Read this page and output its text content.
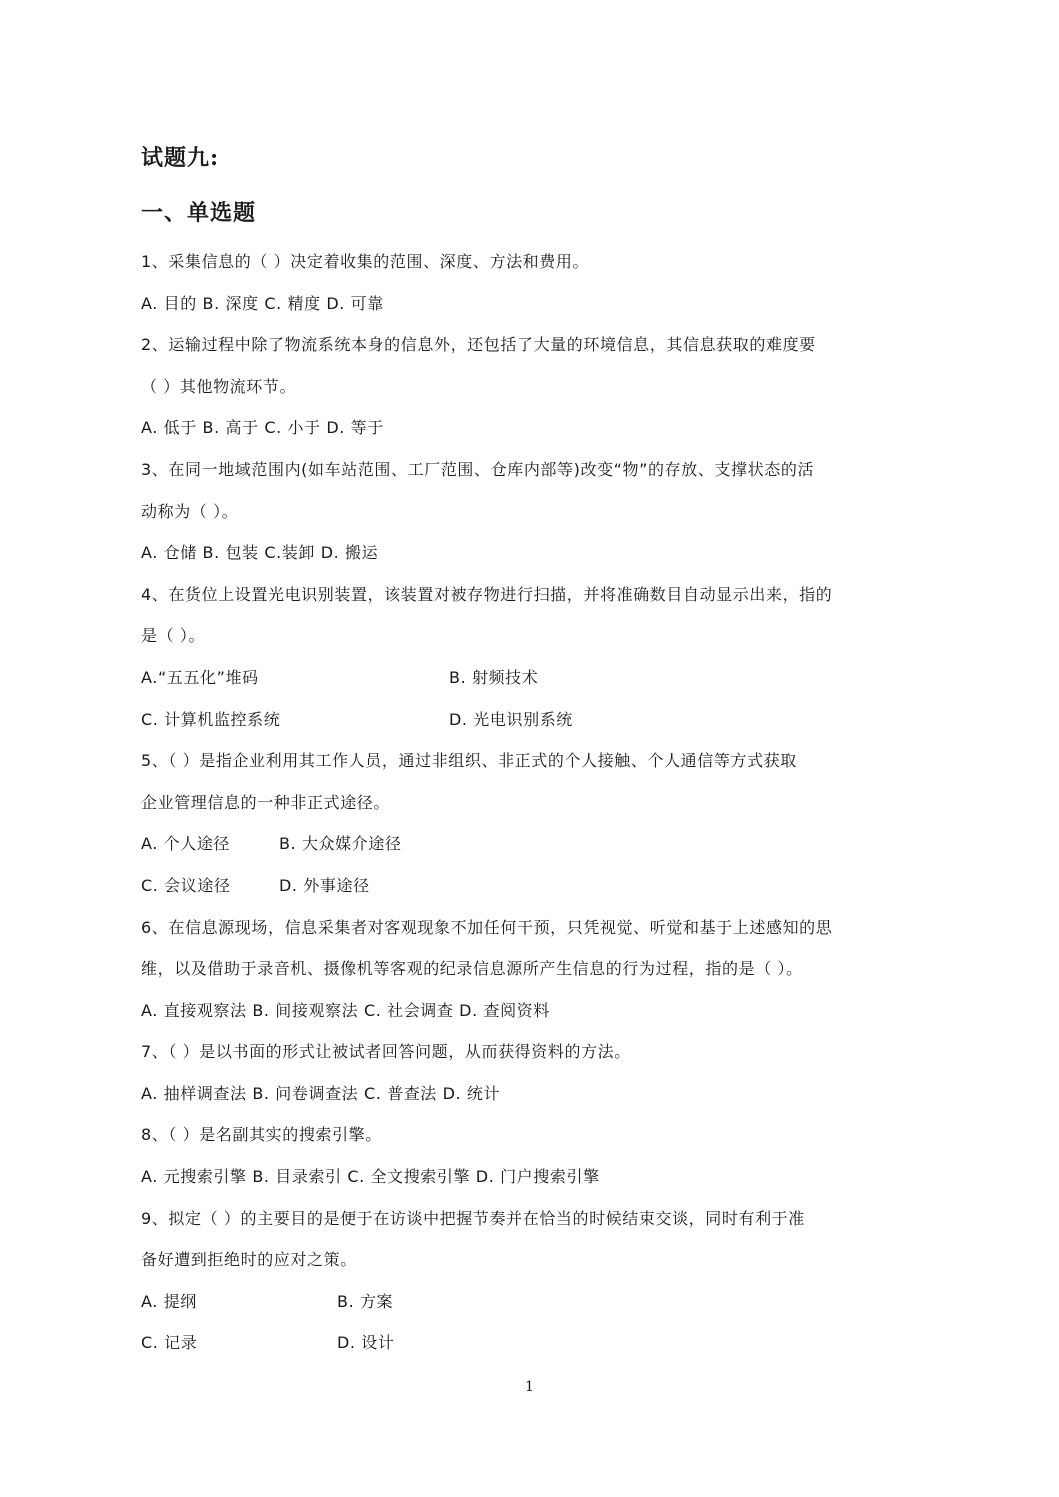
试题九:
一、单选题
1、采集信息的（ ）决定着收集的范围、深度、方法和费用。
A. 目的 B. 深度 C. 精度 D. 可靠
2、运输过程中除了物流系统本身的信息外，还包括了大量的环境信息，其信息获取的难度要
（ ）其他物流环节。
A. 低于 B. 高于 C. 小于 D. 等于
3、在同一地域范围内(如车站范围、工厂范围、仓库内部等)改变“物”的存放、支撑状态的活
动称为（ ）。
A. 仓储 B. 包装 C.装卸 D. 搬运
4、在货位上设置光电识别装置，该装置对被存物进行扫描，并将准确数目自动显示出来，指的
是（ ）。
A.“五五化”堆码	B. 射频技术
C. 计算机监控系统	D. 光电识别系统
5、（ ）是指企业利用其工作人员，通过非组织、非正式的个人接触、个人通信等方式获取
企业管理信息的一种非正式途径。
A. 个人途径	B. 大众媒介途径
C. 会议途径	D. 外事途径
6、在信息源现场，信息采集者对客观现象不加任何干预，只凭视觉、听觉和基于上述感知的思
维，以及借助于录音机、摄像机等客观的纪录信息源所产生信息的行为过程，指的是（ ）。
A. 直接观察法 B. 间接观察法 C. 社会调查 D. 查阅资料
7、（ ）是以书面的形式让被试者回答问题，从而获得资料的方法。
A. 抽样调查法 B. 问卷调查法 C. 普查法 D. 统计
8、（ ）是名副其实的搜索引擎。
A. 元搜索引擎 B. 目录索引 C. 全文搜索引擎 D. 门户搜索引擎
9、拟定（ ）的主要目的是便于在访谈中把握节奏并在恰当的时候结束交谈，同时有利于准
备好遭到拒绝时的应对之策。
A. 提纲	B. 方案
C. 记录	D. 设计
1
